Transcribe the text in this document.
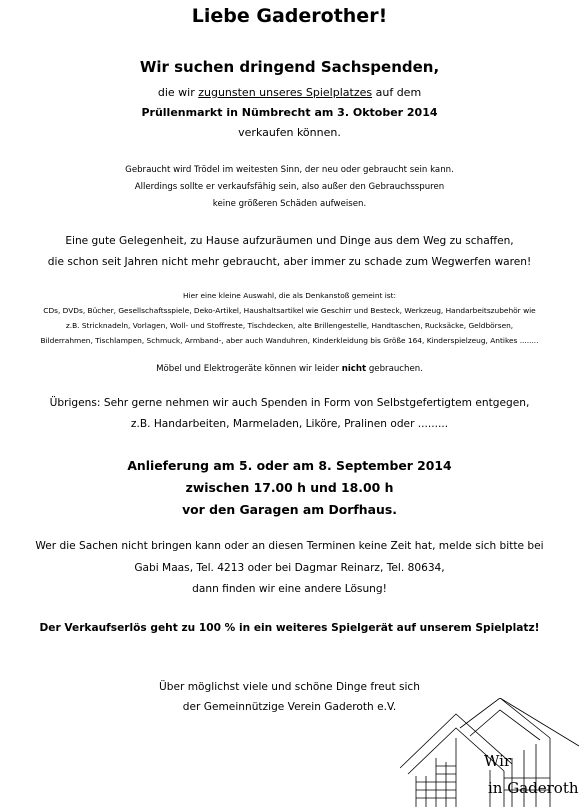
Liebe Gaderother!

Wir suchen dringend Sachspenden,

die wir zugunsten unseres Spielplatzes auf dem

Prüllenmarkt in Nümbrecht am 3. Oktober 2014

verkaufen können.

Gebraucht wird Trödel im weitesten Sinn, der neu oder gebraucht sein kann.

Allerdings sollte er verkaufsfähig sein, also außer den Gebrauchsspuren

keine größeren Schäden aufweisen.

Eine gute Gelegenheit, zu Hause aufzuräumen und Dinge aus dem Weg zu schaffen,

die schon seit Jahren nicht mehr gebraucht, aber immer zu schade zum Wegwerfen waren!

Hier eine kleine Auswahl, die als Denkanstoß gemeint ist:

CDs, DVDs, Bücher, Gesellschaftsspiele, Deko-Artikel, Haushaltsartikel wie Geschirr und Besteck, Werkzeug, Handarbeitszubehör wie

z.B. Stricknadeln, Vorlagen, Woll- und Stoffreste, Tischdecken, alte Brillengestelle, Handtaschen, Rucksäcke, Geldbörsen,

Bilderrahmen, Tischlampen, Schmuck, Armband-, aber auch Wanduhren, Kinderkleidung bis Größe 164, Kinderspielzeug, Antikes ........

Möbel und Elektrogeräte können wir leider nicht gebrauchen.

Übrigens: Sehr gerne nehmen wir auch Spenden in Form von Selbstgefertigtem entgegen,

z.B. Handarbeiten, Marmeladen, Liköre, Pralinen oder .........

Anlieferung am 5. oder am 8. September 2014

zwischen 17.00 h und 18.00 h

vor den Garagen am Dorfhaus.

Wer die Sachen nicht bringen kann oder an diesen Terminen keine Zeit hat, melde sich bitte bei

Gabi Maas, Tel. 4213 oder bei Dagmar Reinarz, Tel. 80634,

dann finden wir eine andere Lösung!

Der Verkaufserlös geht zu 100 % in ein weiteres Spielgerät auf unserem Spielplatz!

Über möglichst viele und schöne Dinge freut sich

der Gemeinnützige Verein Gaderoth e.V.

Wir
in Gaderoth
